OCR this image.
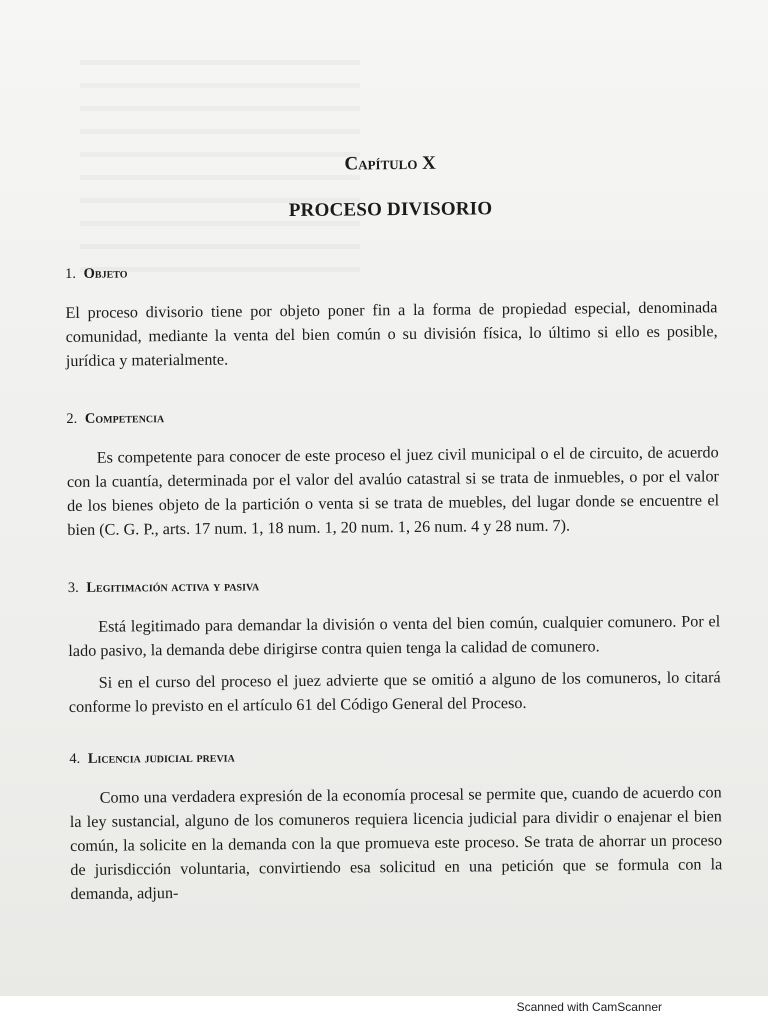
Capítulo X
PROCESO DIVISORIO
1. Objeto

El proceso divisorio tiene por objeto poner fin a la forma de propiedad especial, denominada comunidad, mediante la venta del bien común o su división física, lo último si ello es posible, jurídica y materialmente.

2. Competencia

Es competente para conocer de este proceso el juez civil municipal o el de circuito, de acuerdo con la cuantía, determinada por el valor del avalúo catastral si se trata de inmuebles, o por el valor de los bienes objeto de la partición o venta si se trata de muebles, del lugar donde se encuentre el bien (C. G. P., arts. 17 num. 1, 18 num. 1, 20 num. 1, 26 num. 4 y 28 num. 7).

3. Legitimación activa y pasiva

Está legitimado para demandar la división o venta del bien común, cualquier comunero. Por el lado pasivo, la demanda debe dirigirse contra quien tenga la calidad de comunero.

Si en el curso del proceso el juez advierte que se omitió a alguno de los comuneros, lo citará conforme lo previsto en el artículo 61 del Código General del Proceso.

4. Licencia judicial previa

Como una verdadera expresión de la economía procesal se permite que, cuando de acuerdo con la ley sustancial, alguno de los comuneros requiera licencia judicial para dividir o enajenar el bien común, la solicite en la demanda con la que promueva este proceso. Se trata de ahorrar un proceso de jurisdicción voluntaria, convirtiendo esa solicitud en una petición que se formula con la demanda, adjun-

Scanned with CamScanner
